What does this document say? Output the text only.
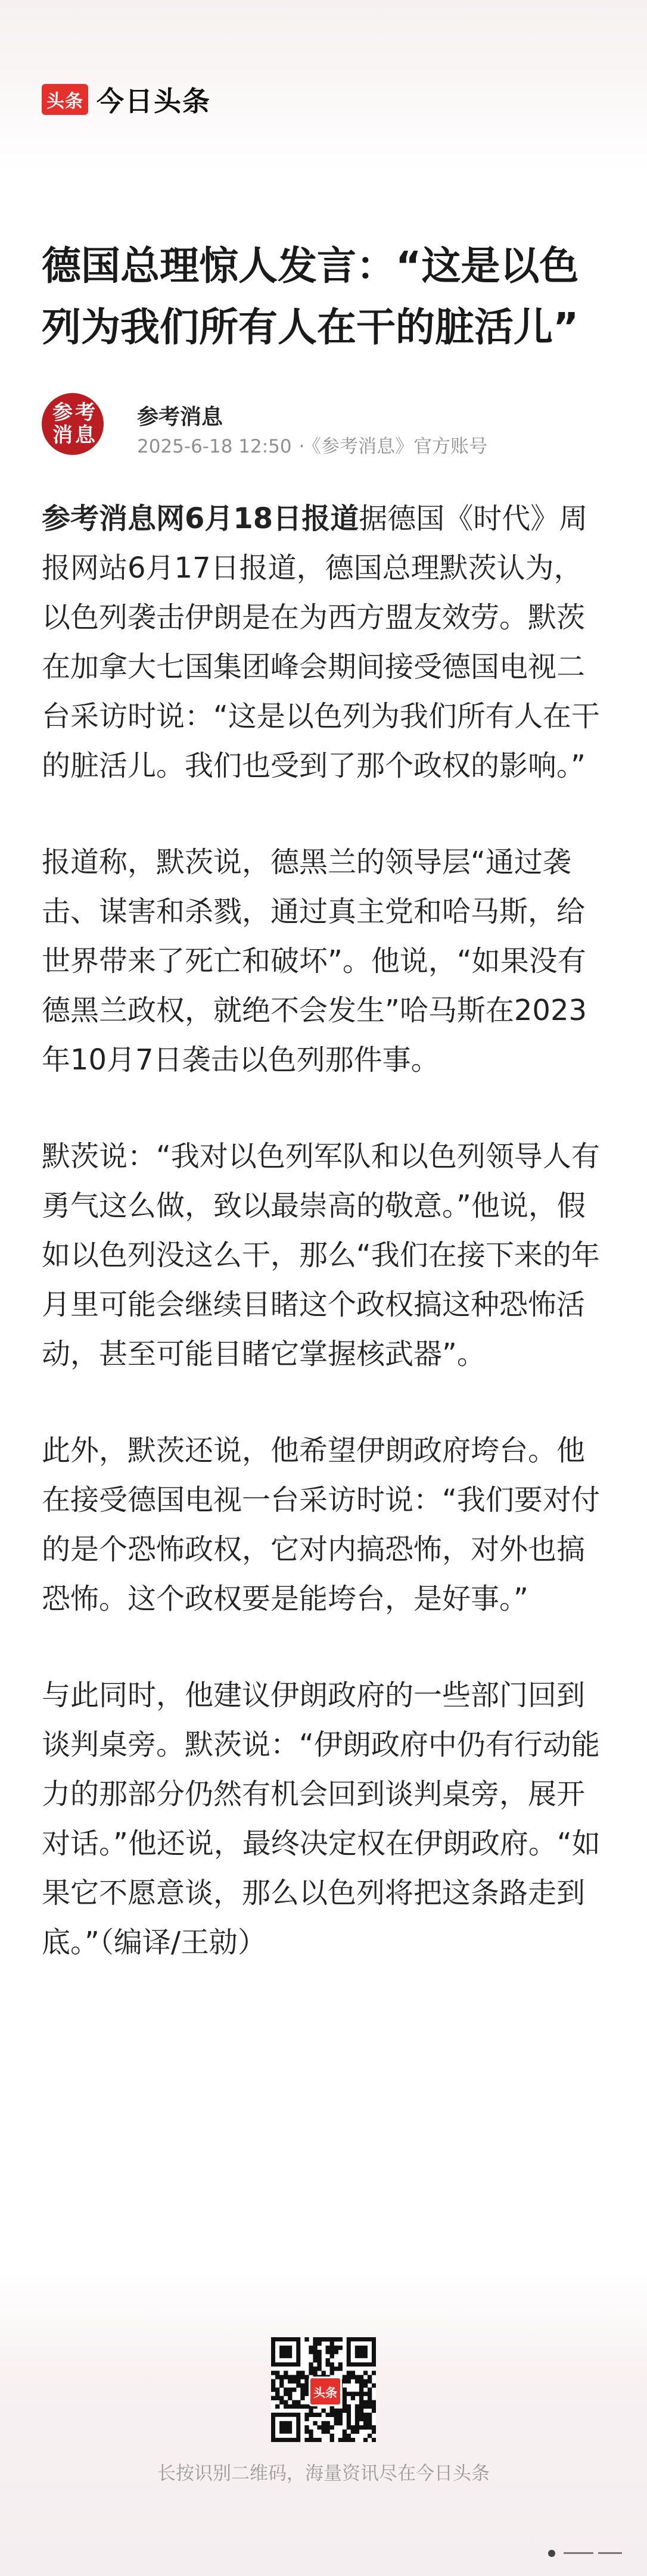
头条 今日头条
德国总理惊人发言：“这是以色列为我们所有人在干的脏活儿”
参 考
消 息
参考消息
2025-6-18 12:50 · 《参考消息》官方账号

参考消息网6月18日报道据德国《时代》周报网站6月17日报道，德国总理默茨认为，以色列袭击伊朗是在为西方盟友效劳。默茨在加拿大七国集团峰会期间接受德国电视二台采访时说：“这是以色列为我们所有人在干的脏活儿。我们也受到了那个政权的影响。”

报道称，默茨说，德黑兰的领导层“通过袭击、谋害和杀戮，通过真主党和哈马斯，给世界带来了死亡和破坏”。他说，“如果没有德黑兰政权，就绝不会发生”哈马斯在2023年10月7日袭击以色列那件事。

默茨说：“我对以色列军队和以色列领导人有勇气这么做，致以最崇高的敬意。”他说，假如以色列没这么干，那么“我们在接下来的年月里可能会继续目睹这个政权搞这种恐怖活动，甚至可能目睹它掌握核武器”。

此外，默茨还说，他希望伊朗政府垮台。他在接受德国电视一台采访时说：“我们要对付的是个恐怖政权，它对内搞恐怖，对外也搞恐怖。这个政权要是能垮台，是好事。”

与此同时，他建议伊朗政府的一些部门回到谈判桌旁。默茨说：“伊朗政府中仍有行动能力的那部分仍然有机会回到谈判桌旁，展开对话。”他还说，最终决定权在伊朗政府。“如果它不愿意谈，那么以色列将把这条路走到底。”（编译/王勍）

头条
长按识别二维码，海量资讯尽在今日头条
